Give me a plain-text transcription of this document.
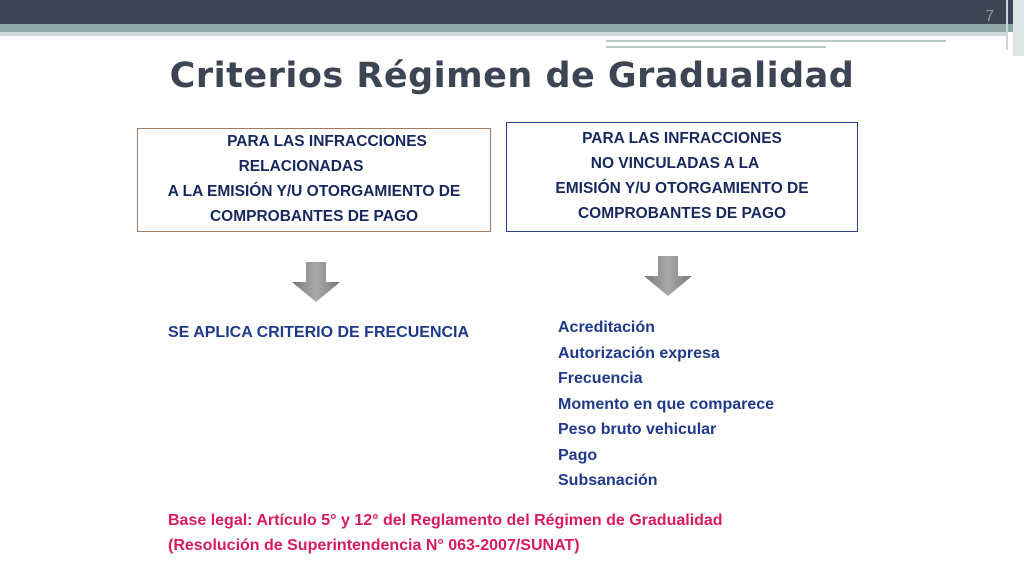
7
Criterios Régimen de Gradualidad
PARA LAS INFRACCIONES
RELACIONADAS
A LA EMISIÓN Y/U OTORGAMIENTO DE
COMPROBANTES DE PAGO
PARA LAS INFRACCIONES
NO VINCULADAS A LA
EMISIÓN Y/U OTORGAMIENTO DE
COMPROBANTES DE PAGO
SE APLICA CRITERIO DE FRECUENCIA	Acreditación
Autorización expresa
Frecuencia
Momento en que comparece
Peso bruto vehicular
Pago
Subsanación
Base legal: Artículo 5° y 12° del Reglamento del Régimen de Gradualidad
(Resolución de Superintendencia N° 063-2007/SUNAT)
